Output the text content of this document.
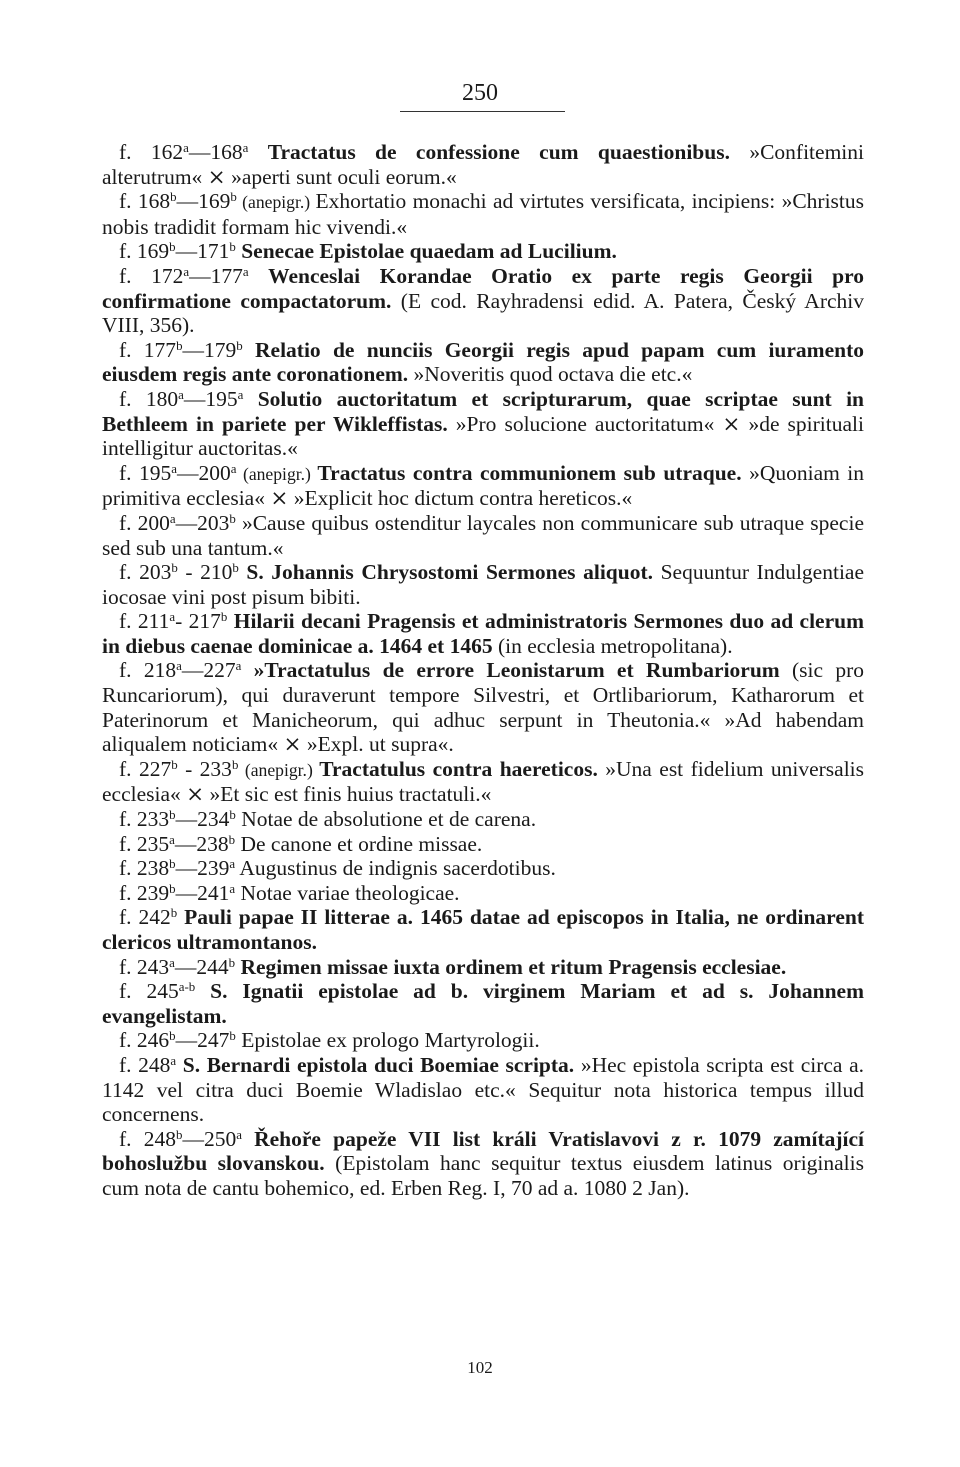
250

f. 162$^a$—168$^a$ Tractatus de confessione cum quaestionibus. »Confitemini alterutrum« ⨯ »aperti sunt oculi eorum.«

f. 168$^b$—169$^b$ (anepigr.) Exhortatio monachi ad virtutes versificata, incipiens: »Christus nobis tradidit formam hic vivendi.«

f. 169$^b$—171$^b$ Senecae Epistolae quaedam ad Lucilium.

f. 172$^a$—177$^a$ Wenceslai Korandae Oratio ex parte regis Georgii pro confirmatione compactatorum. (E cod. Rayhradensi edid. A. Patera, Český Archiv VIII, 356).

f. 177$^b$—179$^b$ Relatio de nunciis Georgii regis apud papam cum iuramento eiusdem regis ante coronationem. »Noveritis quod octava die etc.«

f. 180$^a$—195$^a$ Solutio auctoritatum et scripturarum, quae scriptae sunt in Bethleem in pariete per Wikleffistas. »Pro solucione auctoritatum« ⨯ »de spirituali intelligitur auctoritas.«

f. 195$^a$—200$^a$ (anepigr.) Tractatus contra communionem sub utraque. »Quoniam in primitiva ecclesia« ⨯ »Explicit hoc dictum contra hereticos.«

f. 200$^a$—203$^b$ »Cause quibus ostenditur laycales non communicare sub utraque specie sed sub una tantum.«

f. 203$^b$ - 210$^b$ S. Johannis Chrysostomi Sermones aliquot. Sequuntur Indulgentiae iocosae vini post pisum bibiti.

f. 211$^a$- 217$^b$ Hilarii decani Pragensis et administratoris Sermones duo ad clerum in diebus caenae dominicae a. 1464 et 1465 (in ecclesia metropolitana).

f. 218$^a$—227$^a$ »Tractatulus de errore Leonistarum et Rumbariorum (sic pro Runcariorum), qui duraverunt tempore Silvestri, et Ortlibariorum, Katharorum et Paterinorum et Manicheorum, qui adhuc serpunt in Theutonia.« »Ad habendam aliqualem noticiam« ⨯ »Expl. ut supra«.

f. 227$^b$ - 233$^b$ (anepigr.) Tractatulus contra haereticos. »Una est fidelium universalis ecclesia« ⨯ »Et sic est finis huius tractatuli.«

f. 233$^b$—234$^b$ Notae de absolutione et de carena.

f. 235$^a$—238$^b$ De canone et ordine missae.

f. 238$^b$—239$^a$ Augustinus de indignis sacerdotibus.

f. 239$^b$—241$^a$ Notae variae theologicae.

f. 242$^b$ Pauli papae II litterae a. 1465 datae ad episcopos in Italia, ne ordinarent clericos ultramontanos.

f. 243$^a$—244$^b$ Regimen missae iuxta ordinem et ritum Pragensis ecclesiae.

f. 245$^{a-b}$ S. Ignatii epistolae ad b. virginem Mariam et ad s. Johannem evangelistam.

f. 246$^b$—247$^b$ Epistolae ex prologo Martyrologii.

f. 248$^a$ S. Bernardi epistola duci Boemiae scripta. »Hec epistola scripta est circa a. 1142 vel citra duci Boemie Wladislao etc.« Sequitur nota historica tempus illud concernens.

f. 248$^b$—250$^a$ Řehoře papeže VII list králi Vratislavovi z r. 1079 zamítající bohoslužbu slovanskou. (Epistolam hanc sequitur textus eiusdem latinus originalis cum nota de cantu bohemico, ed. Erben Reg. I, 70 ad a. 1080 2 Jan).

102
